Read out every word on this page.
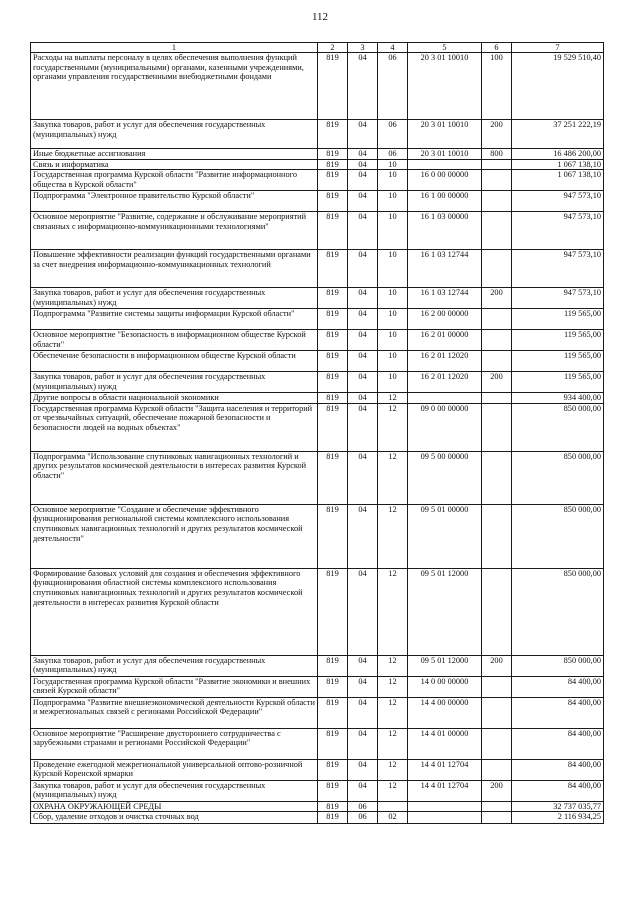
112
1	2	3	4	5	6	7
Расходы на выплаты персоналу в целях обеспечения выполнения функций государственными (муниципальными) органами, казенными учреждениями, органами управления государственными внебюджетными фондами	819	04	06	20 3 01 10010	100	19 529 510,40
Закупка товаров, работ и услуг для обеспечения государственных (муниципальных) нужд	819	04	06	20 3 01 10010	200	37 251 222,19
Иные бюджетные ассигнования	819	04	06	20 3 01 10010	800	16 486 200,00
Связь и информатика	819	04	10			1 067 138,10
Государственная программа Курской области "Развитие информационного общества в Курской области"	819	04	10	16 0 00 00000		1 067 138,10
Подпрограмма "Электронное правительство Курской области"	819	04	10	16 1 00 00000		947 573,10
Основное мероприятие "Развитие, содержание и обслуживание мероприятий связанных с информационно-коммуникационными технологиями"	819	04	10	16 1 03 00000		947 573,10
Повышение эффективности реализации функций государственными органами за счет внедрения информационно-коммуникационных технологий	819	04	10	16 1 03 12744		947 573,10
Закупка товаров, работ и услуг для обеспечения государственных (муниципальных) нужд	819	04	10	16 1 03 12744	200	947 573,10
Подпрограмма "Развитие системы защиты информации Курской области"	819	04	10	16 2 00 00000		119 565,00
Основное мероприятие "Безопасность в информационном обществе Курской области"	819	04	10	16 2 01 00000		119 565,00
Обеспечение безопасности в информационном обществе Курской области	819	04	10	16 2 01 12020		119 565,00
Закупка товаров, работ и услуг для обеспечения государственных (муниципальных) нужд	819	04	10	16 2 01 12020	200	119 565,00
Другие вопросы в области национальной экономики	819	04	12			934 400,00
Государственная программа Курской области "Защита населения и территорий от чрезвычайных ситуаций, обеспечение пожарной безопасности и безопасности людей на водных объектах"	819	04	12	09 0 00 00000		850 000,00
Подпрограмма "Использование спутниковых навигационных технологий и других результатов космической деятельности в интересах развития Курской области"	819	04	12	09 5 00 00000		850 000,00
Основное мероприятие "Создание и обеспечение эффективного функционирования региональной системы комплексного использования спутниковых навигационных технологий и других результатов космической деятельности"	819	04	12	09 5 01 00000		850 000,00
Формирование базовых условий для создания и обеспечения эффективного функционирования областной системы комплексного использования спутниковых навигационных технологий и других результатов космической деятельности в интересах развития Курской области	819	04	12	09 5 01 12000		850 000,00
Закупка товаров, работ и услуг для обеспечения государственных (муниципальных) нужд	819	04	12	09 5 01 12000	200	850 000,00
Государственная программа Курской области "Развитие экономики и внешних связей Курской области"	819	04	12	14 0 00 00000		84 400,00
Подпрограмма "Развитие внешнеэкономической деятельности Курской области и межрегиональных связей с регионами Российской Федерации"	819	04	12	14 4 00 00000		84 400,00
Основное мероприятие "Расширение двустороннего сотрудничества с зарубежными странами и регионами Российской Федерации"	819	04	12	14 4 01 00000		84 400,00
Проведение ежегодной межрегиональной универсальной оптово-розничной Курской Коренской ярмарки	819	04	12	14 4 01 12704		84 400,00
Закупка товаров, работ и услуг для обеспечения государственных (муниципальных) нужд	819	04	12	14 4 01 12704	200	84 400,00
ОХРАНА ОКРУЖАЮЩЕЙ СРЕДЫ	819	06				32 737 035,77
Сбор, удаление отходов и очистка сточных вод	819	06	02			2 116 934,25
